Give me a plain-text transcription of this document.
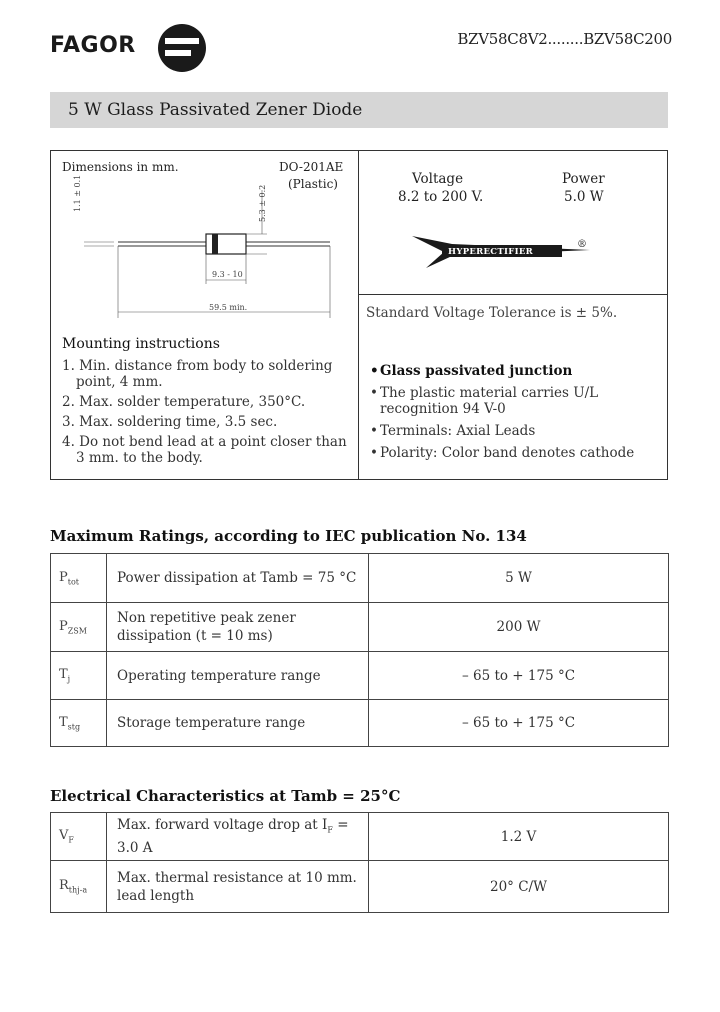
FAGOR	BZV58C8V2........BZV58C200
5 W Glass Passivated Zener Diode
Dimensions in mm.	DO-201AE
(Plastic)
1.1 ± 0.1	5.3 ± 0.2
9.3 - 10
59.5 min.
Mounting instructions
1. Min. distance from body to soldering point, 4 mm.
2. Max. solder temperature, 350°C.
3. Max. soldering time, 3.5 sec.
4. Do not bend lead at a point closer than 3 mm. to the body.
Voltage
8.2 to 200 V.
Power
5.0 W
HYPERECTIFIER
®
Standard Voltage Tolerance is ± 5%.
• Glass passivated junction
• The plastic material carries U/L recognition 94 V-0
• Terminals: Axial Leads
• Polarity: Color band denotes cathode
Maximum Ratings, according to IEC publication No. 134
$P_{tot}$	Power dissipation at Tamb = 75 °C	5 W
$P_{ZSM}$	Non repetitive peak zener dissipation (t = 10 ms)	200 W
$T_j$	Operating temperature range	– 65 to + 175 °C
$T_{stg}$	Storage temperature range	– 65 to + 175 °C
Electrical Characteristics at Tamb = 25°C
$V_F$	Max. forward voltage drop at $I_F = 3.0$ A	1.2 V
$R_{thj-a}$	Max. thermal resistance at 10 mm. lead length	20° C/W
